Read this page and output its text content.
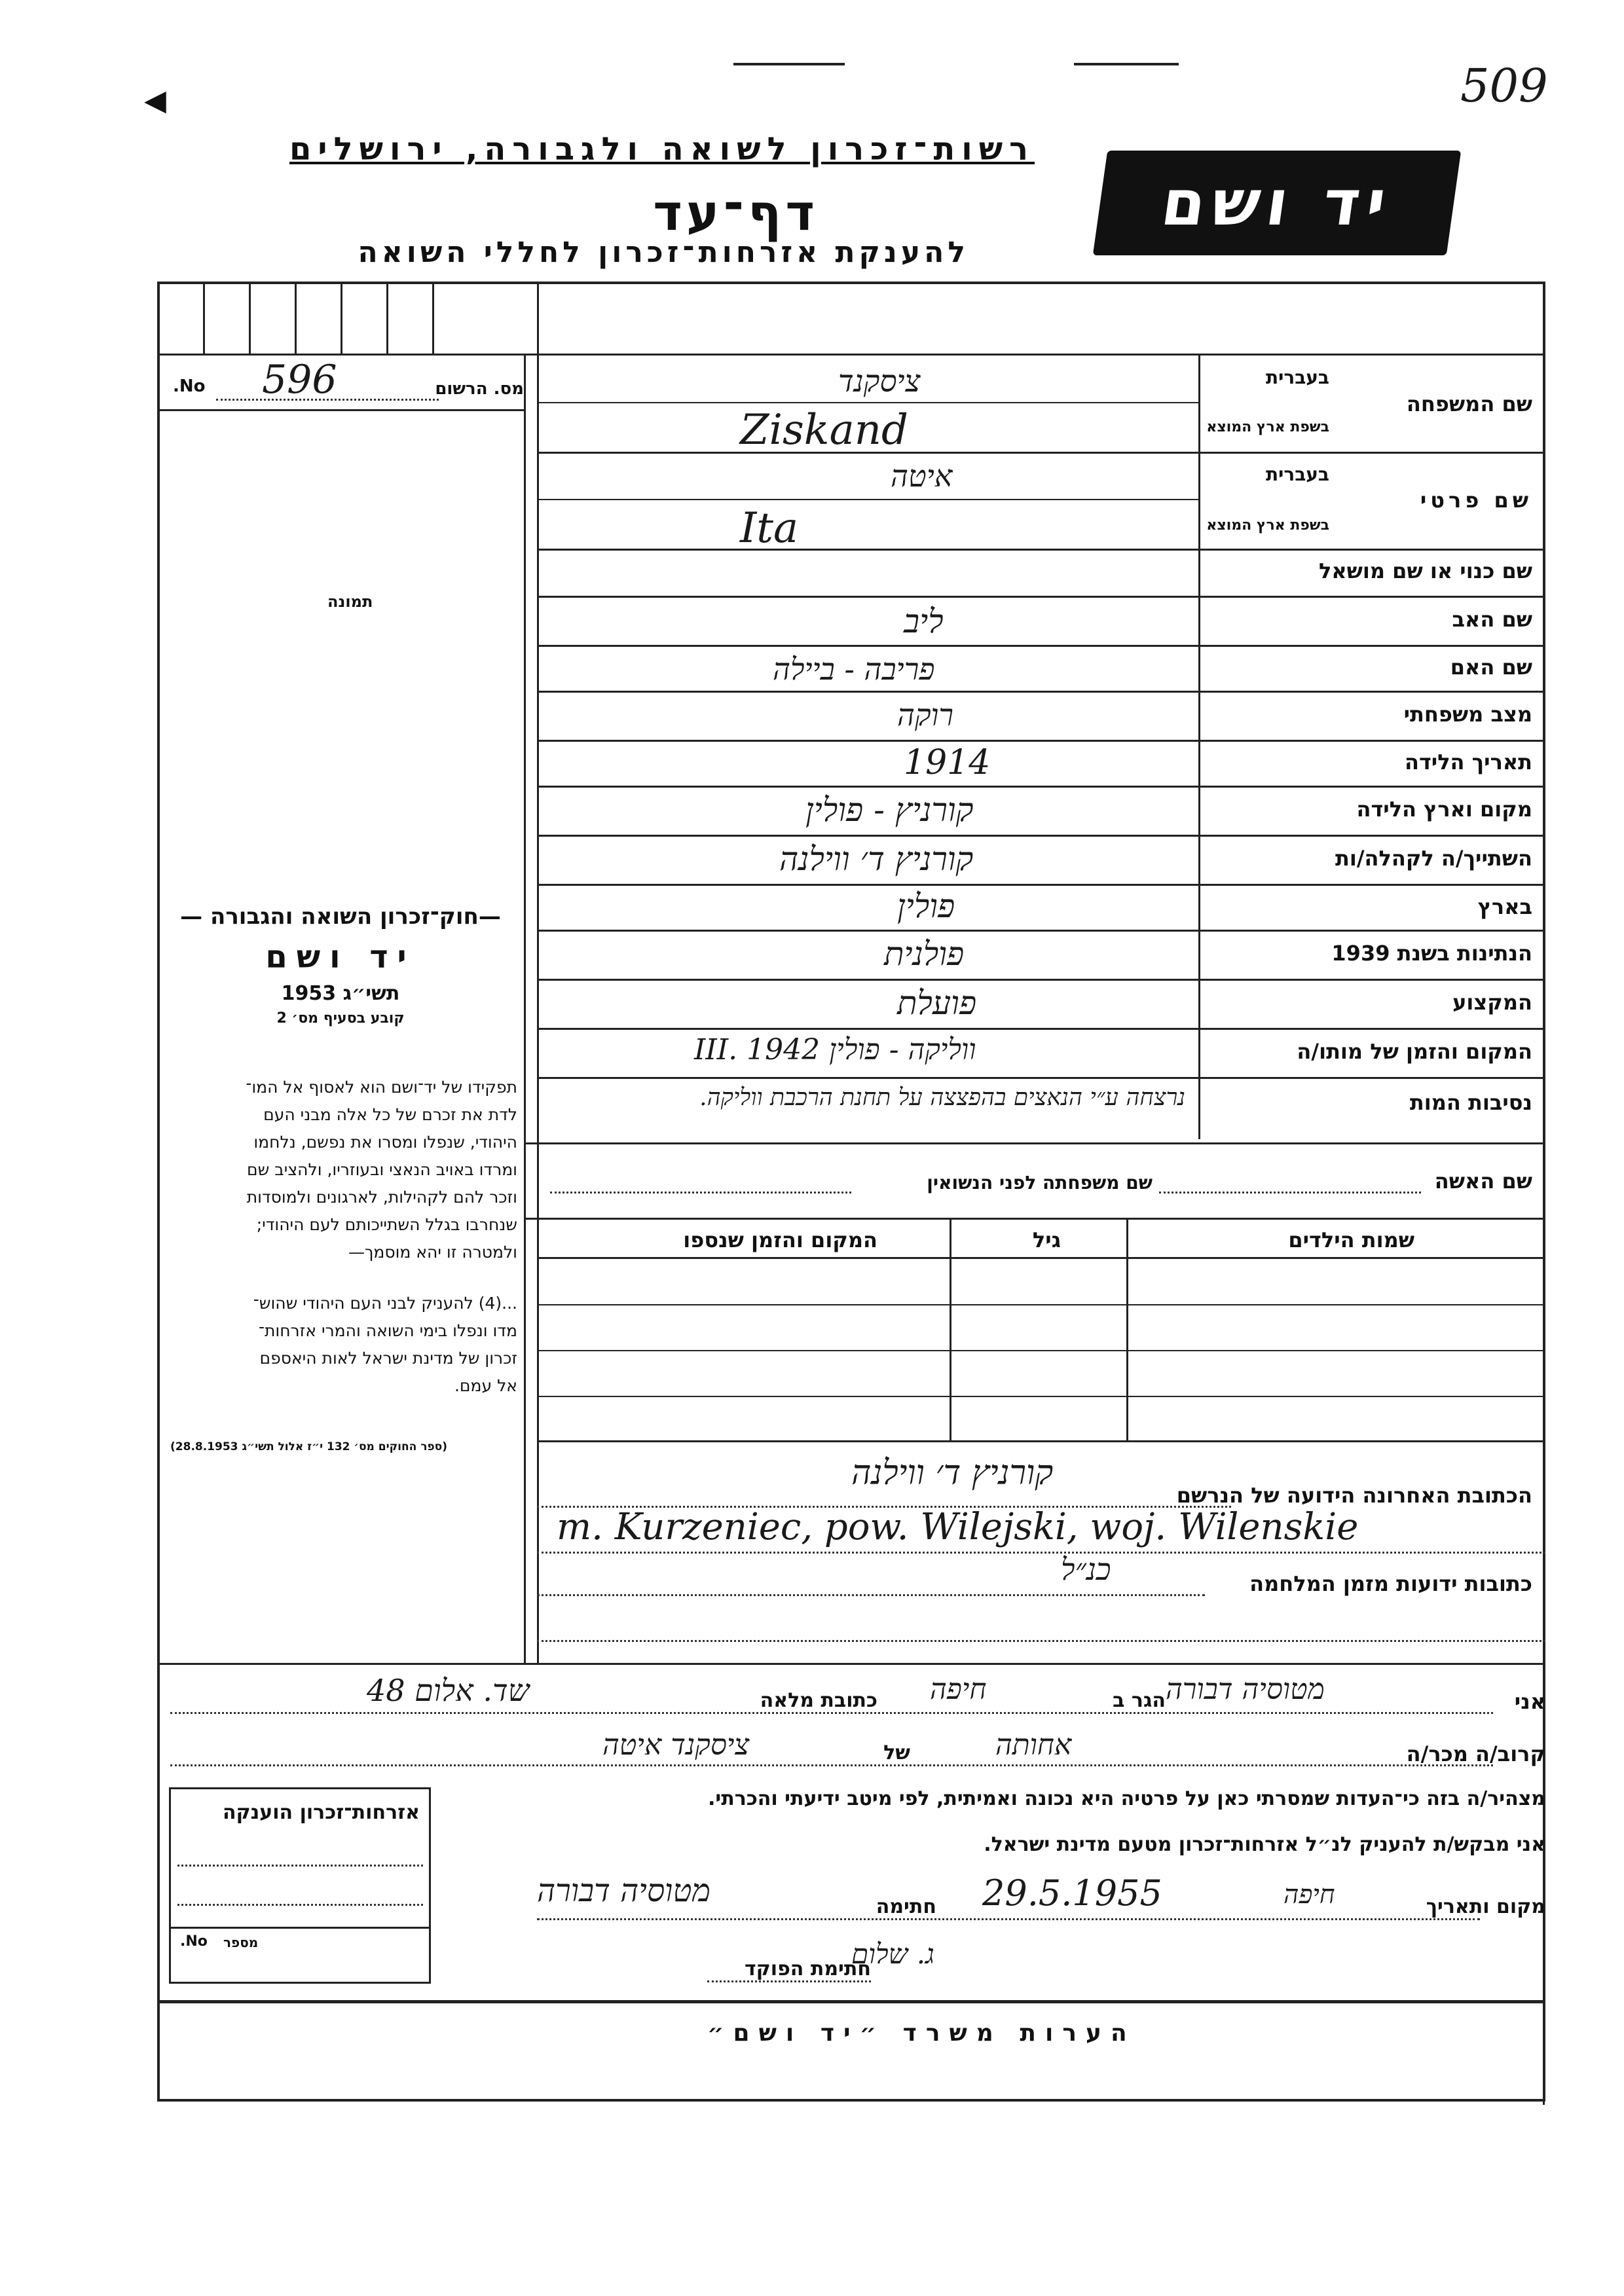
509
◀
רשות־זכרון לשואה ולגבורה, ירושלים
דף־עד
להענקת אזרחות־זכרון לחללי השואה
יד ושם
No. 596	מס. הרשום
תמונה
—חוק־זכרון השואה והגבורה —
יד ושם
תשי״ג 1953
קובע בסעיף מס׳ 2
תפקידו של יד־ושם הוא לאסוף אל המו־
לדת את זכרם של כל אלה מבני העם
היהודי, שנפלו ומסרו את נפשם, נלחמו
ומרדו באויב הנאצי ובעוזריו, ולהציב שם
וזכר להם לקהילות, לארגונים ולמוסדות
שנחרבו בגלל השתייכותם לעם היהודי;
ולמטרה זו יהא מוסמך—
...(4) להעניק לבני העם היהודי שהוש־
מדו ונפלו בימי השואה והמרי אזרחות־
זכרון של מדינת ישראל לאות היאספם
אל עמם.
(ספר החוקים מס׳ 132 י״ז אלול תשי״ג 28.8.1953)
בעברית
שם המשפחה
בשפת ארץ המוצא
ציסקנד
Ziskand
בעברית
שם פרטי
בשפת ארץ המוצא
איטה
Ita
שם כנוי או שם מושאל
שם האב
ליב
שם האם
פריבה - ביילה
מצב משפחתי
רוקה
תאריך הלידה
1914
מקום וארץ הלידה
קורניץ - פולין
השתייך/ה לקהלה/ות
קורניץ ד׳ ווילנה
בארץ
פולין
הנתינות בשנת 1939
פולנית
המקצוע
פועלת
המקום והזמן של מותו/ה
ווליקה - פולין III. 1942
נסיבות המות
נרצחה ע״י הנאצים בהפצצה על תחנת הרכבת ווליקה.
שם האשה
שם משפחתה לפני הנשואין
שמות הילדים
גיל
המקום והזמן שנספו
הכתובת האחרונה הידועה של הנרשם
קורניץ ד׳ ווילנה
m. Kurzeniec, pow. Wilejski, woj. Wilenskie
כנ״ל	כתובות ידועות מזמן המלחמה
אני
מטוסיה דבורה
הגר ב
חיפה
כתובת מלאה
שד. אלום 48
קרוב/ה מכר/ה
אחותה
של
ציסקנד איטה
מצהיר/ה בזה כי־העדות שמסרתי כאן על פרטיה היא נכונה ואמיתית, לפי מיטב ידיעתי והכרתי.
אני מבקש/ת להעניק לנ״ל אזרחות־זכרון מטעם מדינת ישראל.
מקום ותאריך
חיפה
29.5.1955
חתימה
מטוסיה דבורה
חתימת הפוקד
ג. שלום
אזרחות־זכרון הוענקה
No. מספר
הערות משרד ״יד ושם״
